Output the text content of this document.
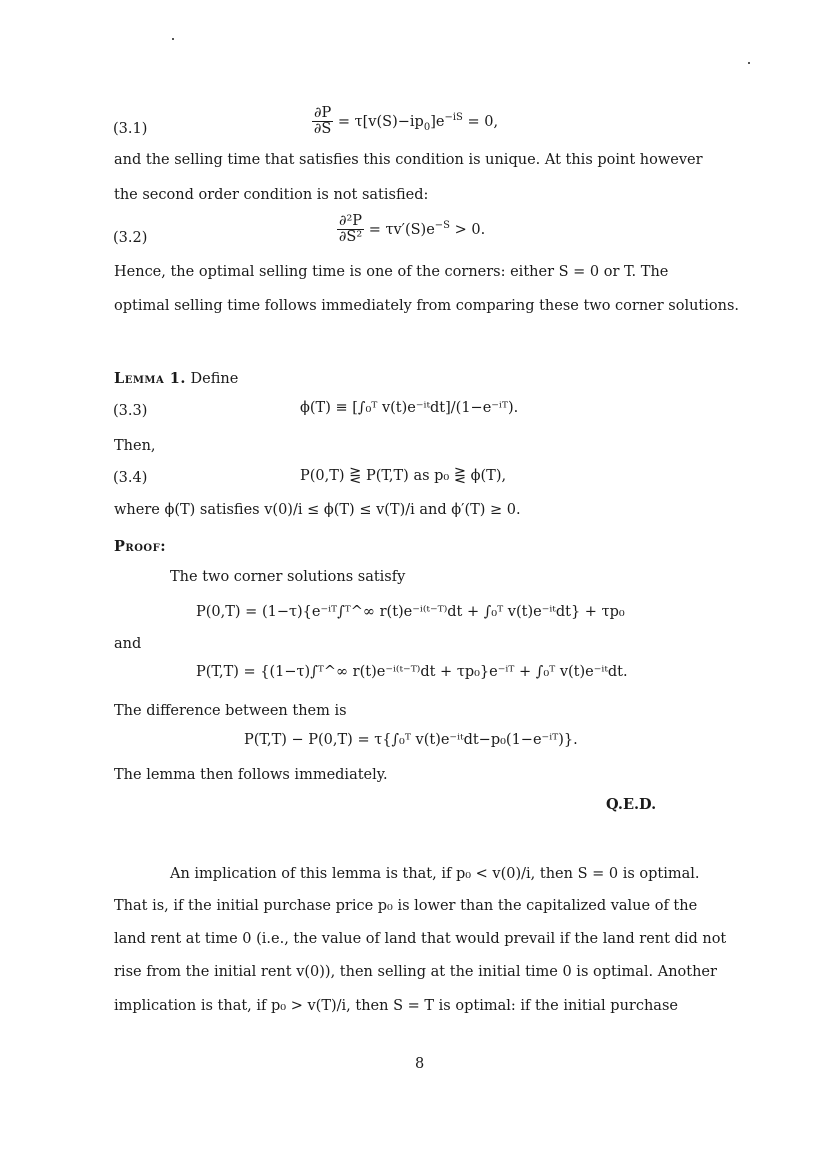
(3.1)	$\frac{\partial P}{\partial S} = \tau[v(S)-ip_0]e^{-iS} = 0$,
and the selling time that satisfies this condition is unique. At this point however
the second order condition is not satisfied:
(3.2)	$\frac{\text{∂²P}}{\text{∂S²}} = \tau v'(S)e^{-S} > 0$.
Hence, the optimal selling time is one of the corners: either S = 0 or T. The
optimal selling time follows immediately from comparing these two corner solutions.
Lemma 1. Define
(3.3)	ϕ(T) ≡ [∫₀ᵀ v(t)e⁻ⁱᵗdt]/(1−e⁻ⁱᵀ).
Then,
(3.4)	P(0,T) ⋛ P(T,T) as p₀ ⋛ ϕ(T),
where ϕ(T) satisfies v(0)/i ≤ ϕ(T) ≤ v(T)/i and ϕ′(T) ≥ 0.
Proof:
The two corner solutions satisfy
P(0,T) = (1−τ){e⁻ⁱᵀ∫ᵀ^∞ r(t)e⁻ⁱ⁽ᵗ⁻ᵀ⁾dt + ∫₀ᵀ v(t)e⁻ⁱᵗdt} + τp₀
and
P(T,T) = {(1−τ)∫ᵀ^∞ r(t)e⁻ⁱ⁽ᵗ⁻ᵀ⁾dt + τp₀}e⁻ⁱᵀ + ∫₀ᵀ v(t)e⁻ⁱᵗdt.
The difference between them is
P(T,T) − P(0,T) = τ{∫₀ᵀ v(t)e⁻ⁱᵗdt−p₀(1−e⁻ⁱᵀ)}.
The lemma then follows immediately.
Q.E.D.
An implication of this lemma is that, if p₀ < v(0)/i, then S = 0 is optimal.
That is, if the initial purchase price p₀ is lower than the capitalized value of the
land rent at time 0 (i.e., the value of land that would prevail if the land rent did not
rise from the initial rent v(0)), then selling at the initial time 0 is optimal. Another
implication is that, if p₀ > v(T)/i, then S = T is optimal: if the initial purchase
8
